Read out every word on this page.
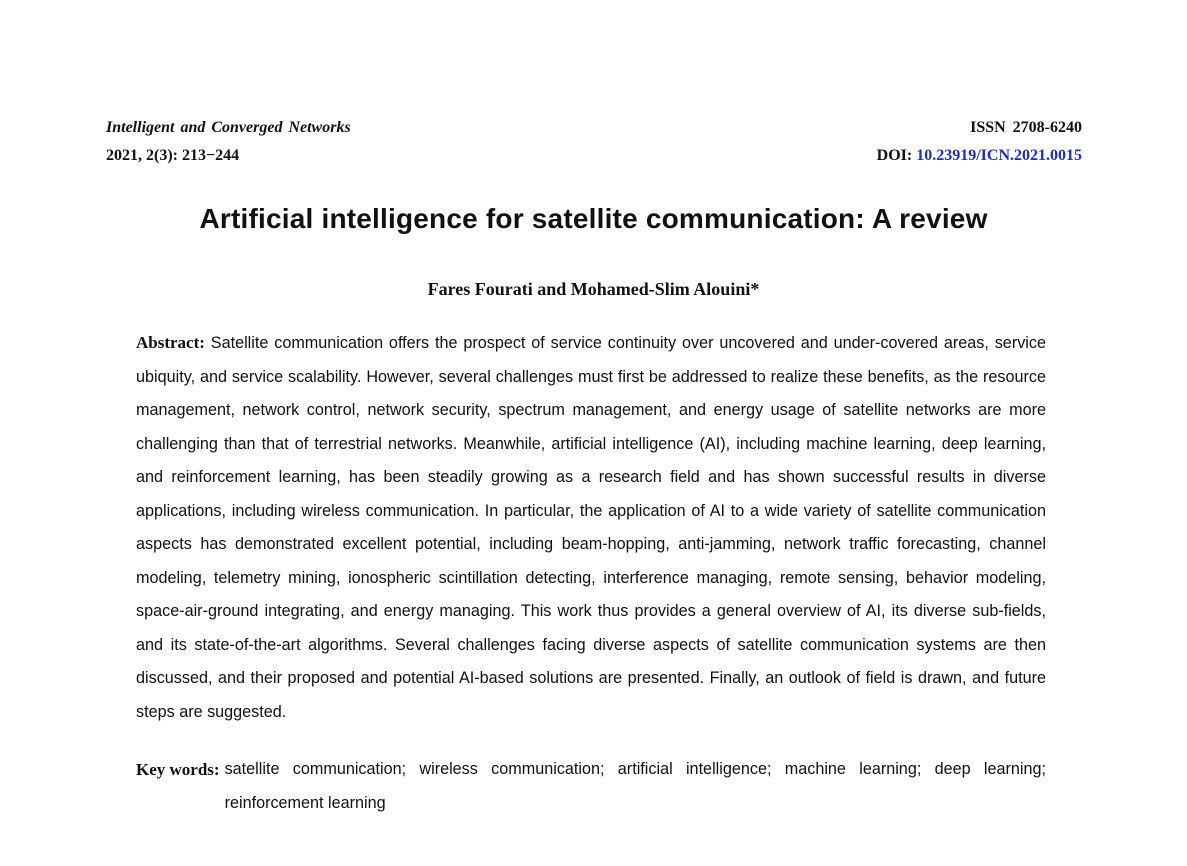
Intelligent and Converged Networks	ISSN 2708-6240
2021, 2(3): 213−244	DOI: 10.23919/ICN.2021.0015
Artificial intelligence for satellite communication: A review
Fares Fourati and Mohamed-Slim Alouini*

Abstract: Satellite communication offers the prospect of service continuity over uncovered and under-covered areas, service ubiquity, and service scalability. However, several challenges must first be addressed to realize these benefits, as the resource management, network control, network security, spectrum management, and energy usage of satellite networks are more challenging than that of terrestrial networks. Meanwhile, artificial intelligence (AI), including machine learning, deep learning, and reinforcement learning, has been steadily growing as a research field and has shown successful results in diverse applications, including wireless communication. In particular, the application of AI to a wide variety of satellite communication aspects has demonstrated excellent potential, including beam-hopping, anti-jamming, network traffic forecasting, channel modeling, telemetry mining, ionospheric scintillation detecting, interference managing, remote sensing, behavior modeling, space-air-ground integrating, and energy managing. This work thus provides a general overview of AI, its diverse sub-fields, and its state-of-the-art algorithms. Several challenges facing diverse aspects of satellite communication systems are then discussed, and their proposed and potential AI-based solutions are presented. Finally, an outlook of field is drawn, and future steps are suggested.

Key words: satellite communication; wireless communication; artificial intelligence; machine learning; deep learning; reinforcement learning
